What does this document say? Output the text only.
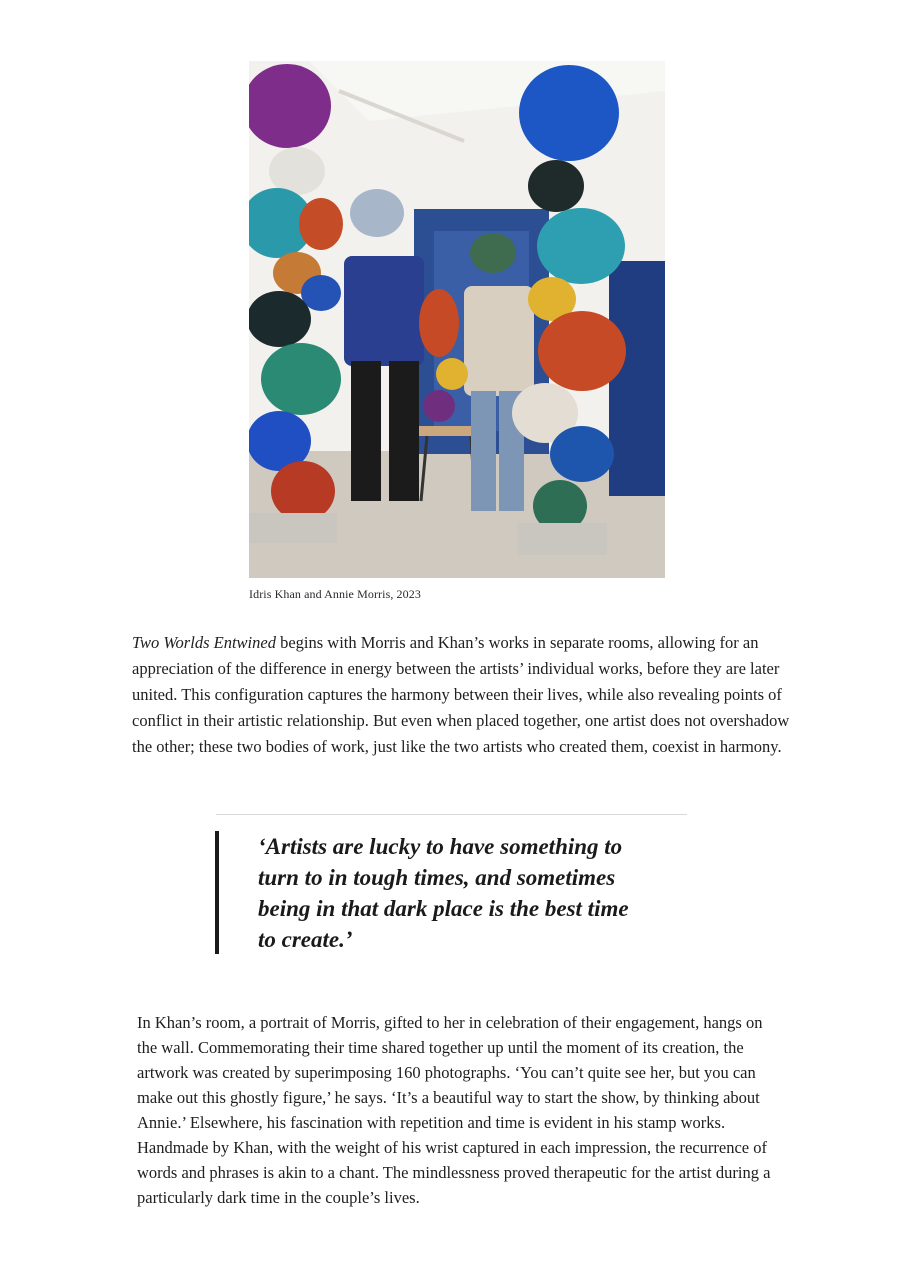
Idris Khan and Annie Morris, 2023

Two Worlds Entwined begins with Morris and Khan’s works in separate rooms, allowing for an appreciation of the difference in energy between the artists’ individual works, before they are later united. This configuration captures the harmony between their lives, while also revealing points of conflict in their artistic relationship. But even when placed together, one artist does not overshadow the other; these two bodies of work, just like the two artists who created them, coexist in harmony.

‘Artists are lucky to have something to turn to in tough times, and sometimes being in that dark place is the best time to create.’

In Khan’s room, a portrait of Morris, gifted to her in celebration of their engagement, hangs on the wall. Commemorating their time shared together up until the moment of its creation, the artwork was created by superimposing 160 photographs. ‘You can’t quite see her, but you can make out this ghostly figure,’ he says. ‘It’s a beautiful way to start the show, by thinking about Annie.’ Elsewhere, his fascination with repetition and time is evident in his stamp works. Handmade by Khan, with the weight of his wrist captured in each impression, the recurrence of words and phrases is akin to a chant. The mindlessness proved therapeutic for the artist during a particularly dark time in the couple’s lives.
